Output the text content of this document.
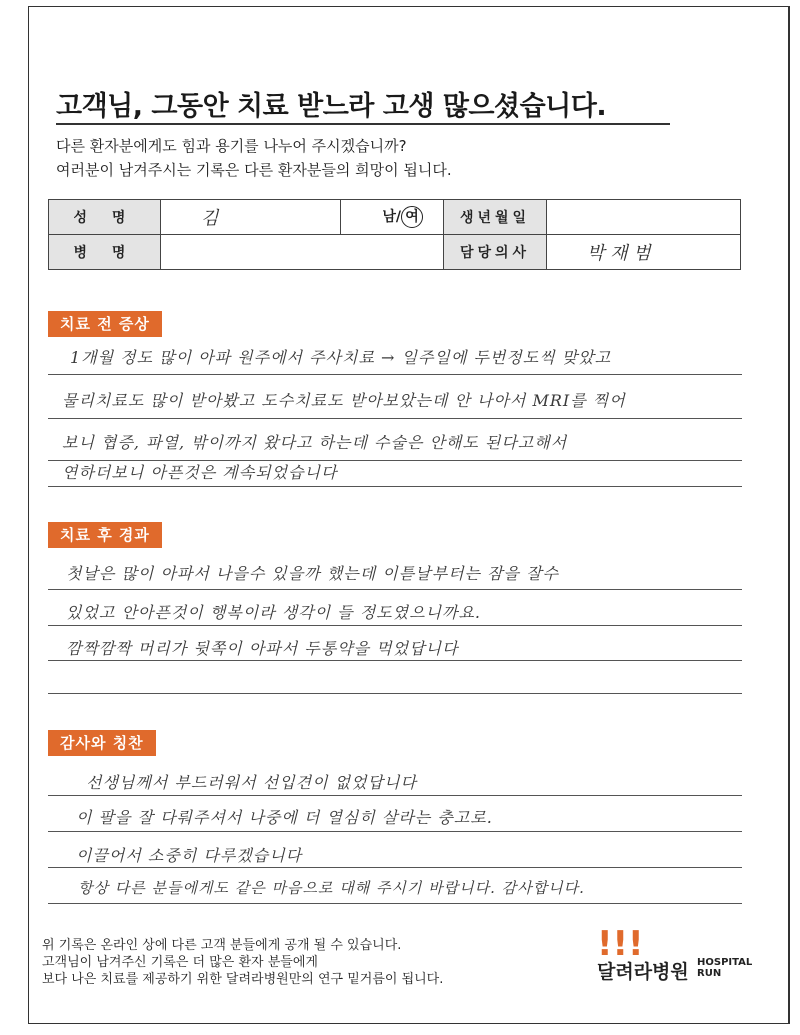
고객님, 그동안 치료 받느라 고생 많으셨습니다.
다른 환자분에게도 힘과 용기를 나누어 주시겠습니까?
여러분이 남겨주시는 기록은 다른 환자분들의 희망이 됩니다.
성 명	김	남/ 여	생년월일	
병 명			담당의사	박 재 범
치료 전 증상
1개월 정도 많이 아파 원주에서 주사치료 → 일주일에 두번정도씩 맞았고
물리치료도 많이 받아봤고 도수치료도 받아보았는데 안 나아서 MRI를 찍어
보니 협증, 파열, 밖이까지 왔다고 하는데 수술은 안해도 된다고해서
연하더보니 아픈것은 계속되었습니다
치료 후 경과
첫날은 많이 아파서 나을수 있을까 했는데 이튿날부터는 잠을 잘수
있었고 안아픈것이 행복이라 생각이 들 정도였으니까요.
깜짝깜짝 머리가 뒷쪽이 아파서 두통약을 먹었답니다
감사와 칭찬
선생님께서 부드러워서 선입견이 없었답니다
이 팔을 잘 다뤄주셔서 나중에 더 열심히 살라는 충고로.
이끌어서 소중히 다루겠습니다
항상 다른 분들에게도 같은 마음으로 대해 주시기 바랍니다. 감사합니다.
위 기록은 온라인 상에 다른 고객 분들에게 공개 될 수 있습니다.
고객님이 남겨주신 기록은 더 많은 환자 분들에게
보다 나은 치료를 제공하기 위한 달려라병원만의 연구 밑거름이 됩니다.
!!!
달려라병원 HOSPITAL
RUN
